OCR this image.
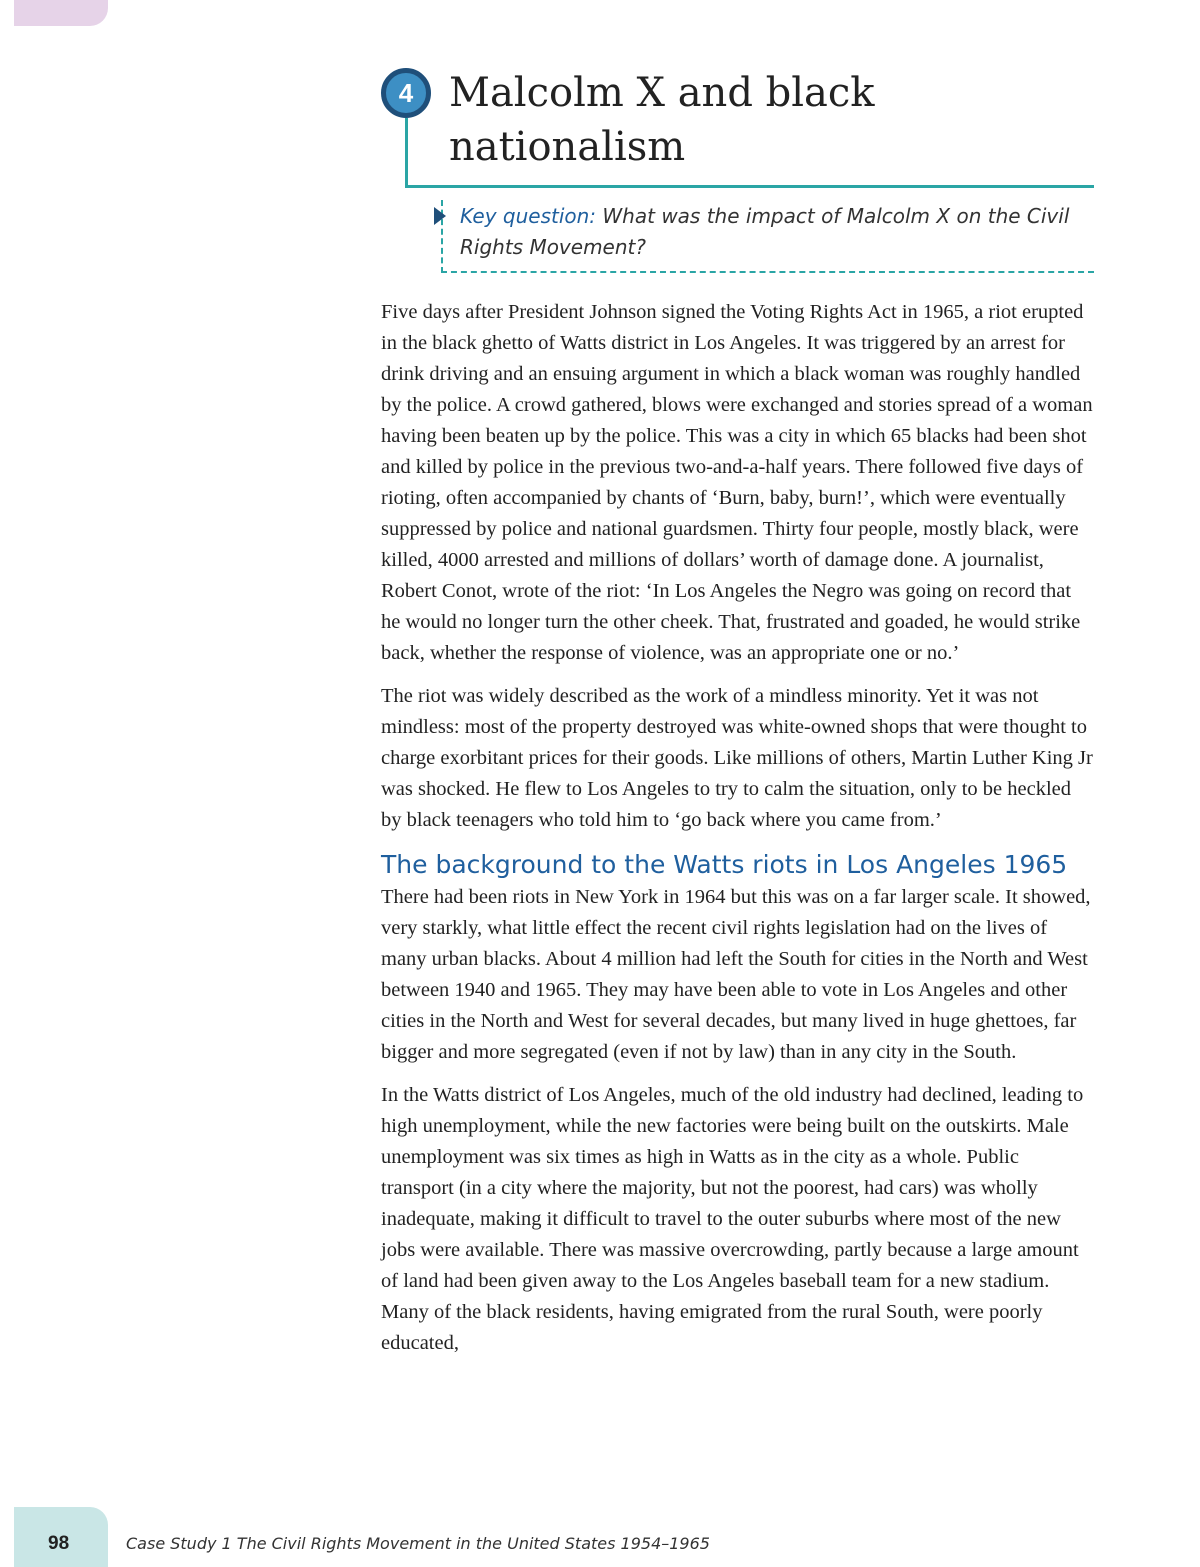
4 Malcolm X and black nationalism

Key question: What was the impact of Malcolm X on the Civil Rights Movement?

Five days after President Johnson signed the Voting Rights Act in 1965, a riot erupted in the black ghetto of Watts district in Los Angeles. It was triggered by an arrest for drink driving and an ensuing argument in which a black woman was roughly handled by the police. A crowd gathered, blows were exchanged and stories spread of a woman having been beaten up by the police. This was a city in which 65 blacks had been shot and killed by police in the previous two-and-a-half years. There followed five days of rioting, often accompanied by chants of ‘Burn, baby, burn!’, which were eventually suppressed by police and national guardsmen. Thirty four people, mostly black, were killed, 4000 arrested and millions of dollars’ worth of damage done. A journalist, Robert Conot, wrote of the riot: ‘In Los Angeles the Negro was going on record that he would no longer turn the other cheek. That, frustrated and goaded, he would strike back, whether the response of violence, was an appropriate one or no.’

The riot was widely described as the work of a mindless minority. Yet it was not mindless: most of the property destroyed was white-owned shops that were thought to charge exorbitant prices for their goods. Like millions of others, Martin Luther King Jr was shocked. He flew to Los Angeles to try to calm the situation, only to be heckled by black teenagers who told him to ‘go back where you came from.’

The background to the Watts riots in Los Angeles 1965

There had been riots in New York in 1964 but this was on a far larger scale. It showed, very starkly, what little effect the recent civil rights legislation had on the lives of many urban blacks. About 4 million had left the South for cities in the North and West between 1940 and 1965. They may have been able to vote in Los Angeles and other cities in the North and West for several decades, but many lived in huge ghettoes, far bigger and more segregated (even if not by law) than in any city in the South.

In the Watts district of Los Angeles, much of the old industry had declined, leading to high unemployment, while the new factories were being built on the outskirts. Male unemployment was six times as high in Watts as in the city as a whole. Public transport (in a city where the majority, but not the poorest, had cars) was wholly inadequate, making it difficult to travel to the outer suburbs where most of the new jobs were available. There was massive overcrowding, partly because a large amount of land had been given away to the Los Angeles baseball team for a new stadium. Many of the black residents, having emigrated from the rural South, were poorly educated,

98	Case Study 1 The Civil Rights Movement in the United States 1954–1965
